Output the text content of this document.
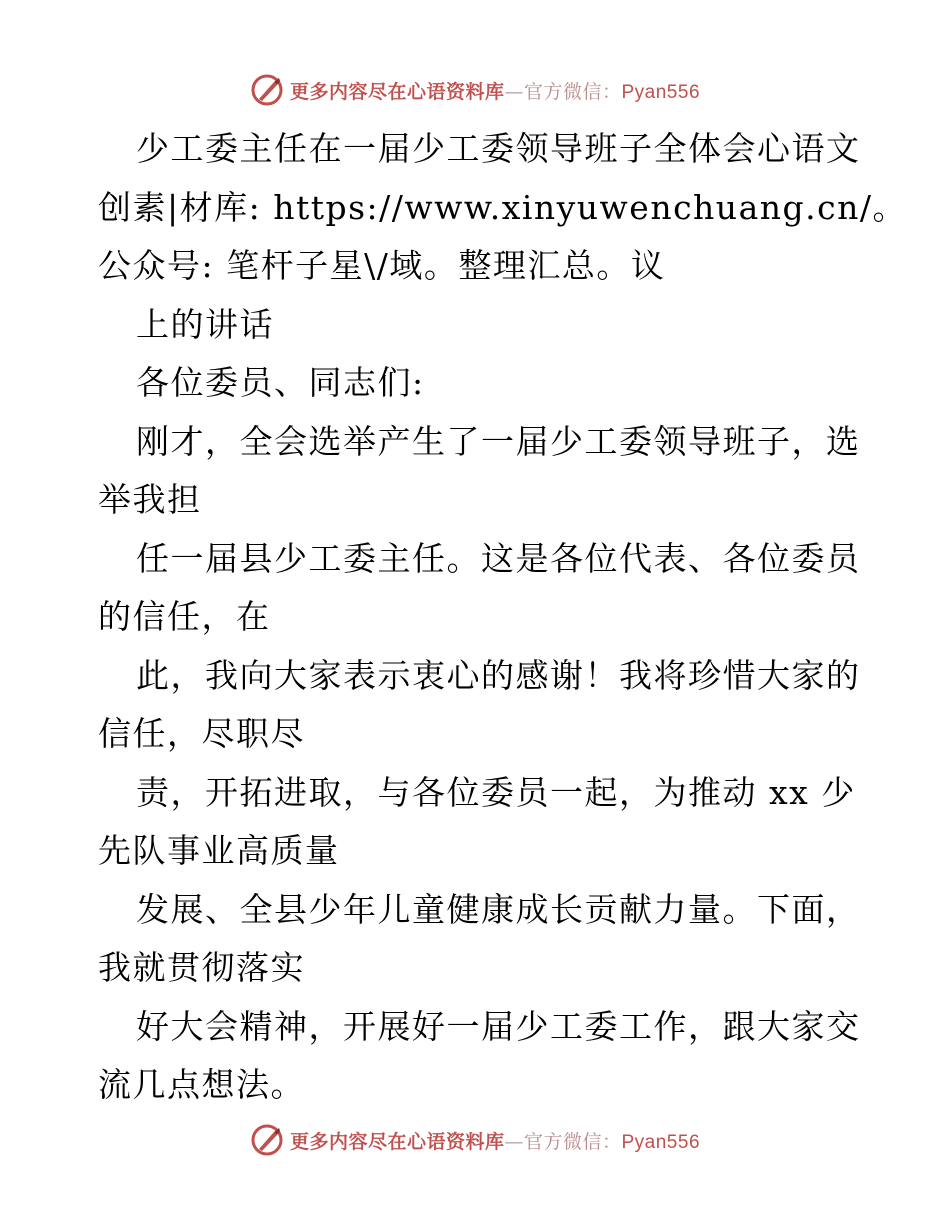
更多内容尽在心语资料库—官方微信：Pyan556
少工委主任在一届少工委领导班子全体会心语文
创素|材库: https://www.xinyuwenchuang.cn/。
公众号: 笔杆子星\/域。整理汇总。议
上的讲话
各位委员、同志们:
刚才，全会选举产生了一届少工委领导班子，选
举我担
任一届县少工委主任。这是各位代表、各位委员
的信任，在
此，我向大家表示衷心的感谢！我将珍惜大家的
信任，尽职尽
责，开拓进取，与各位委员一起，为推动 xx 少
先队事业高质量
发展、全县少年儿童健康成长贡献力量。下面，
我就贯彻落实
好大会精神，开展好一届少工委工作，跟大家交
流几点想法。
更多内容尽在心语资料库—官方微信：Pyan556
